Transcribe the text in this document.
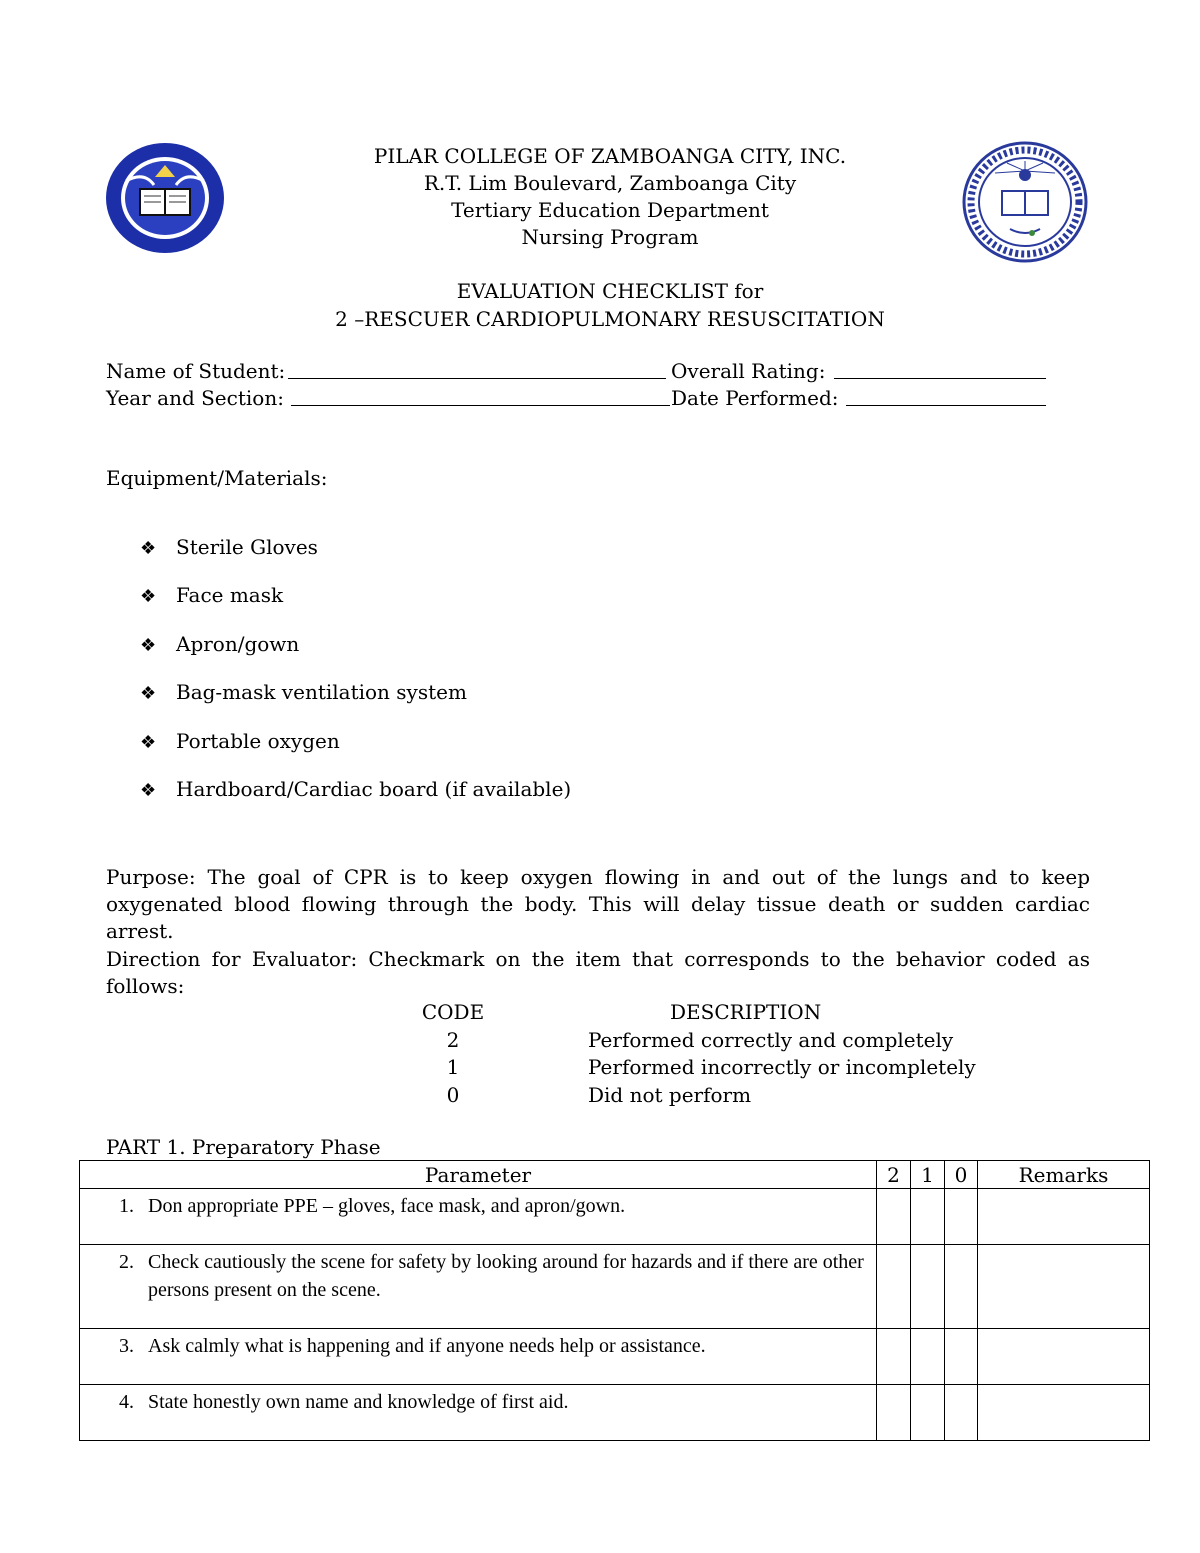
PILAR COLLEGE OF ZAMBOANGA CITY, INC.
R.T. Lim Boulevard, Zamboanga City
Tertiary Education Department
Nursing Program
EVALUATION CHECKLIST for
2 –RESCUER CARDIOPULMONARY RESUSCITATION
Name of Student:	Overall Rating:
Year and Section:	Date Performed:
Equipment/Materials:
❖ Sterile Gloves
❖ Face mask
❖ Apron/gown
❖ Bag-mask ventilation system
❖ Portable oxygen
❖ Hardboard/Cardiac board (if available)
Purpose: The goal of CPR is to keep oxygen flowing in and out of the lungs and to keep oxygenated blood flowing through the body. This will delay tissue death or sudden cardiac arrest.
Direction for Evaluator: Checkmark on the item that corresponds to the behavior coded as follows:
CODE	DESCRIPTION
2	Performed correctly and completely
1	Performed incorrectly or incompletely
0	Did not perform
PART 1. Preparatory Phase
Parameter	2	1	0	Remarks

1. Don appropriate PPE – gloves, face mask, and apron/gown.				

2. Check cautiously the scene for safety by looking around for hazards and if there are other persons present on the scene.				

3. Ask calmly what is happening and if anyone needs help or assistance.				

4. State honestly own name and knowledge of first aid.				
